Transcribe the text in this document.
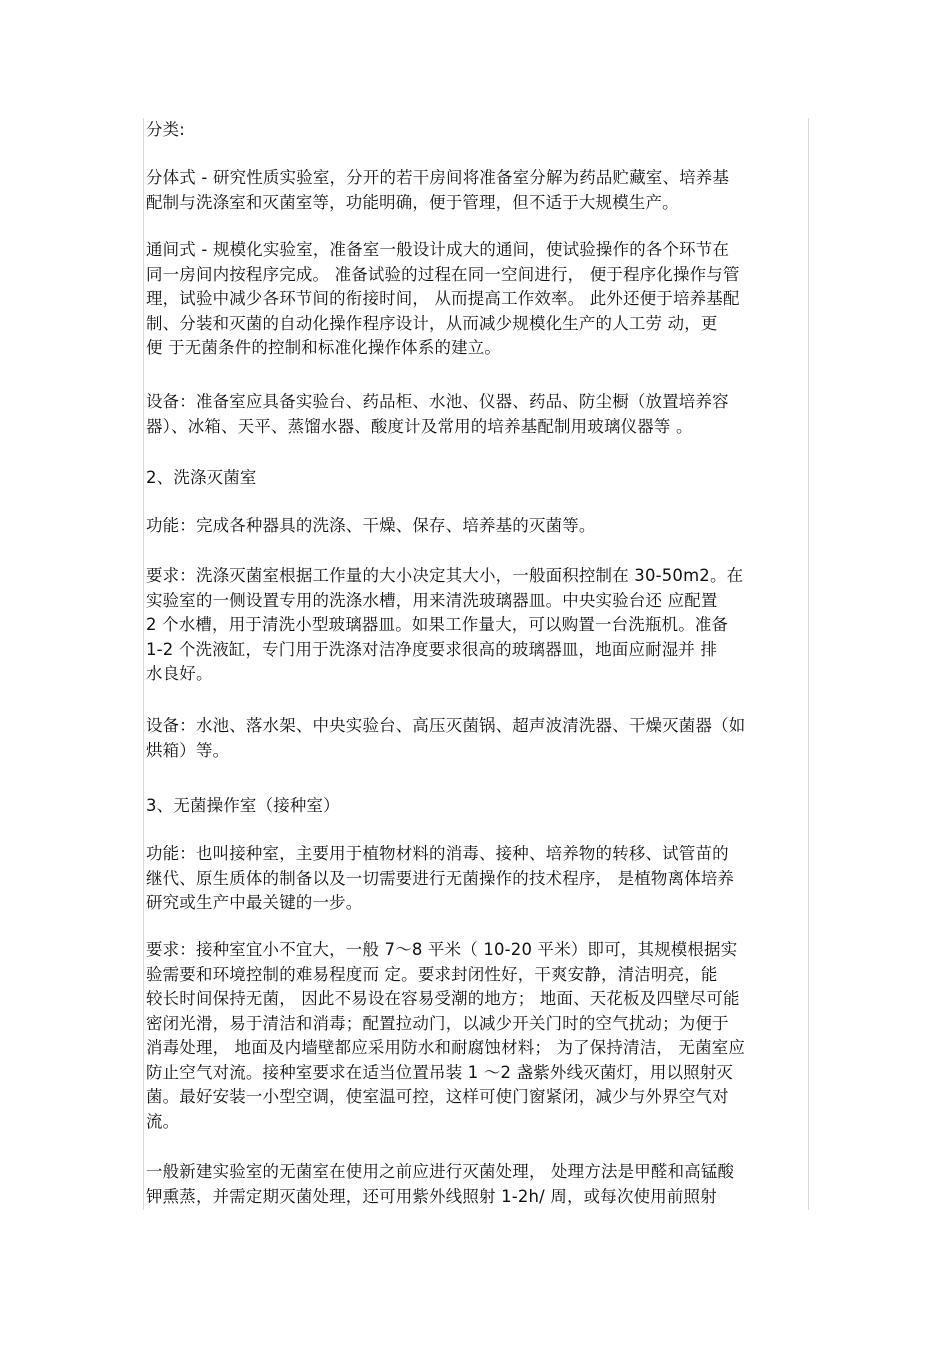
分类:
分体式 - 研究性质实验室，分开的若干房间将准备室分解为药品贮藏室、培养基
配制与洗涤室和灭菌室等，功能明确，便于管理，但不适于大规模生产。
通间式 - 规模化实验室，准备室一般设计成大的通间，使试验操作的各个环节在
同一房间内按程序完成。 准备试验的过程在同一空间进行， 便于程序化操作与管
理，试验中减少各环节间的衔接时间， 从而提高工作效率。 此外还便于培养基配
制、分装和灭菌的自动化操作程序设计，从而减少规模化生产的人工劳 动，更
便 于无菌条件的控制和标准化操作体系的建立。
设备：准备室应具备实验台、药品柜、水池、仪器、药品、防尘橱（放置培养容
器）、冰箱、天平、蒸馏水器、酸度计及常用的培养基配制用玻璃仪器等 。
2、洗涤灭菌室
功能：完成各种器具的洗涤、干燥、保存、培养基的灭菌等。
要求：洗涤灭菌室根据工作量的大小决定其大小，一般面积控制在 30-50m2。在
实验室的一侧设置专用的洗涤水槽，用来清洗玻璃器皿。中央实验台还 应配置
2 个水槽，用于清洗小型玻璃器皿。如果工作量大，可以购置一台洗瓶机。准备
1-2 个洗液缸，专门用于洗涤对洁净度要求很高的玻璃器皿，地面应耐湿并 排
水良好。
设备：水池、落水架、中央实验台、高压灭菌锅、超声波清洗器、干燥灭菌器（如
烘箱）等。
3、无菌操作室（接种室）
功能：也叫接种室，主要用于植物材料的消毒、接种、培养物的转移、试管苗的
继代、原生质体的制备以及一切需要进行无菌操作的技术程序， 是植物离体培养
研究或生产中最关键的一步。
要求：接种室宜小不宜大，一般 7～8 平米（ 10-20 平米）即可，其规模根据实
验需要和环境控制的难易程度而 定。要求封闭性好，干爽安静，清洁明亮，能
较长时间保持无菌， 因此不易设在容易受潮的地方； 地面、天花板及四壁尽可能
密闭光滑，易于清洁和消毒；配置拉动门，以减少开关门时的空气扰动；为便于
消毒处理， 地面及内墙壁都应采用防水和耐腐蚀材料； 为了保持清洁， 无菌室应
防止空气对流。接种室要求在适当位置吊装 1 ～2 盏紫外线灭菌灯，用以照射灭
菌。最好安装一小型空调，使室温可控，这样可使门窗紧闭，减少与外界空气对
流。
一般新建实验室的无菌室在使用之前应进行灭菌处理， 处理方法是甲醛和高锰酸
钾熏蒸，并需定期灭菌处理，还可用紫外线照射 1-2h/ 周，或每次使用前照射
